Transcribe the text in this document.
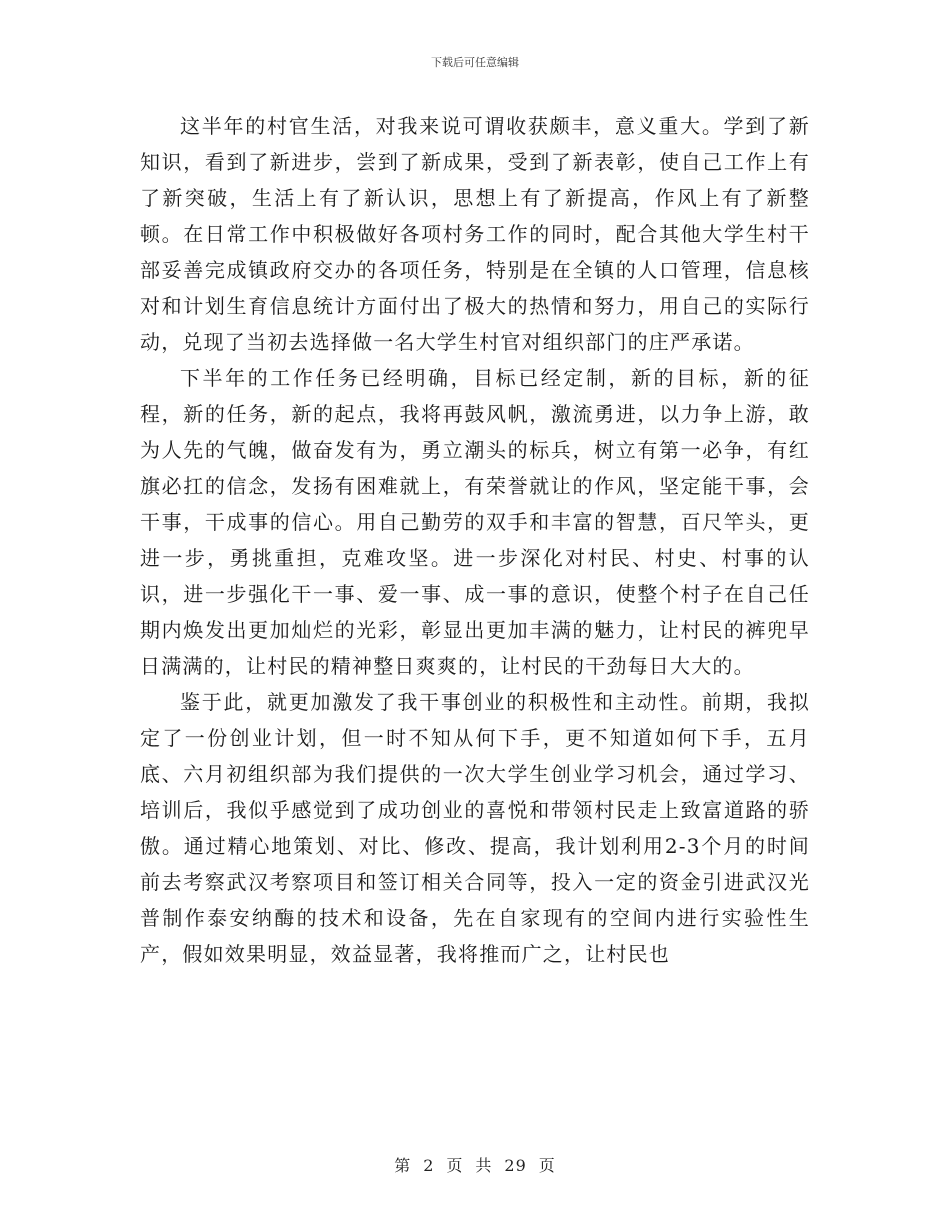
下载后可任意编辑

这半年的村官生活，对我来说可谓收获颇丰，意义重大。学到了新知识，看到了新进步，尝到了新成果，受到了新表彰，使自己工作上有了新突破，生活上有了新认识，思想上有了新提高，作风上有了新整顿。在日常工作中积极做好各项村务工作的同时，配合其他大学生村干部妥善完成镇政府交办的各项任务，特别是在全镇的人口管理，信息核对和计划生育信息统计方面付出了极大的热情和努力，用自己的实际行动，兑现了当初去选择做一名大学生村官对组织部门的庄严承诺。

下半年的工作任务已经明确，目标已经定制，新的目标，新的征程，新的任务，新的起点，我将再鼓风帆，激流勇进，以力争上游，敢为人先的气魄，做奋发有为，勇立潮头的标兵，树立有第一必争，有红旗必扛的信念，发扬有困难就上，有荣誉就让的作风，坚定能干事，会干事，干成事的信心。用自己勤劳的双手和丰富的智慧，百尺竿头，更进一步，勇挑重担，克难攻坚。进一步深化对村民、村史、村事的认识，进一步强化干一事、爱一事、成一事的意识，使整个村子在自己任期内焕发出更加灿烂的光彩，彰显出更加丰满的魅力，让村民的裤兜早日满满的，让村民的精神整日爽爽的，让村民的干劲每日大大的。

鉴于此，就更加激发了我干事创业的积极性和主动性。前期，我拟定了一份创业计划，但一时不知从何下手，更不知道如何下手，五月底、六月初组织部为我们提供的一次大学生创业学习机会，通过学习、培训后，我似乎感觉到了成功创业的喜悦和带领村民走上致富道路的骄傲。通过精心地策划、对比、修改、提高，我计划利用2-3个月的时间前去考察武汉考察项目和签订相关合同等，投入一定的资金引进武汉光普制作泰安纳酶的技术和设备，先在自家现有的空间内进行实验性生产，假如效果明显，效益显著，我将推而广之，让村民也

第 2 页 共 29 页
